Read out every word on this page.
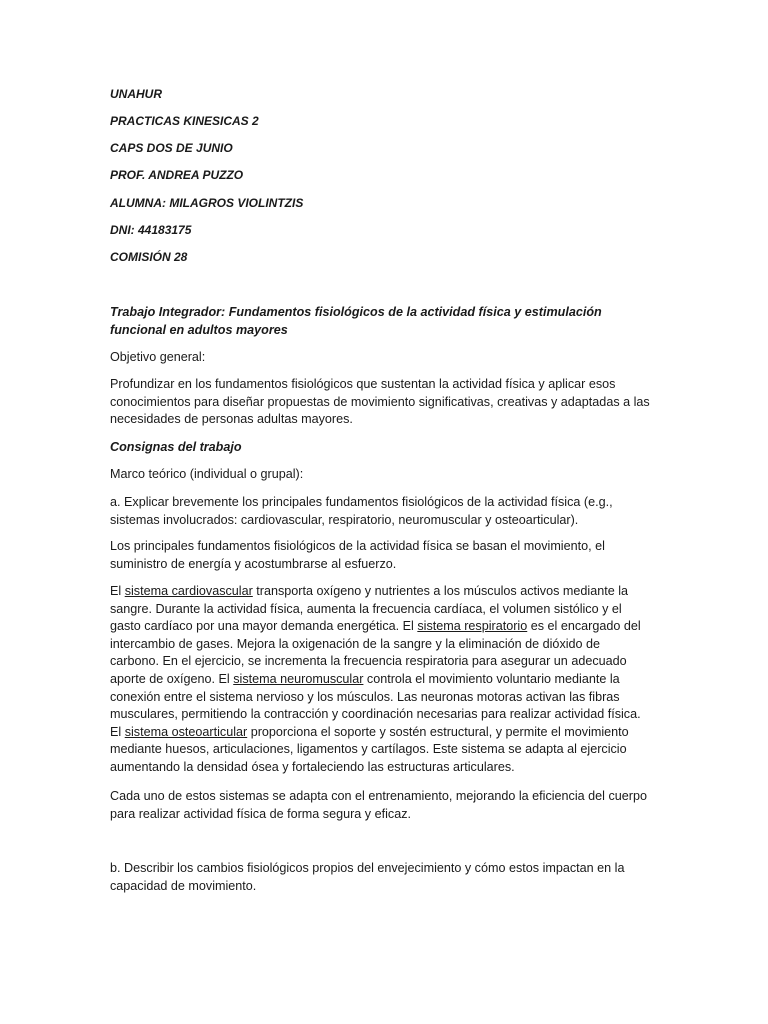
UNAHUR
PRACTICAS KINESICAS 2
CAPS DOS DE JUNIO
PROF. ANDREA PUZZO
ALUMNA: MILAGROS VIOLINTZIS
DNI: 44183175
COMISIÓN 28
Trabajo Integrador: Fundamentos fisiológicos de la actividad física y estimulación funcional en adultos mayores
Objetivo general:
Profundizar en los fundamentos fisiológicos que sustentan la actividad física y aplicar esos conocimientos para diseñar propuestas de movimiento significativas, creativas y adaptadas a las necesidades de personas adultas mayores.
Consignas del trabajo
Marco teórico (individual o grupal):
a. Explicar brevemente los principales fundamentos fisiológicos de la actividad física (e.g., sistemas involucrados: cardiovascular, respiratorio, neuromuscular y osteoarticular).
Los principales fundamentos fisiológicos de la actividad física se basan el movimiento, el suministro de energía y acostumbrarse al esfuerzo.
El sistema cardiovascular transporta oxígeno y nutrientes a los músculos activos mediante la sangre. Durante la actividad física, aumenta la frecuencia cardíaca, el volumen sistólico y el gasto cardíaco por una mayor demanda energética. El sistema respiratorio es el encargado del intercambio de gases. Mejora la oxigenación de la sangre y la eliminación de dióxido de carbono. En el ejercicio, se incrementa la frecuencia respiratoria para asegurar un adecuado aporte de oxígeno. El sistema neuromuscular controla el movimiento voluntario mediante la conexión entre el sistema nervioso y los músculos. Las neuronas motoras activan las fibras musculares, permitiendo la contracción y coordinación necesarias para realizar actividad física. El sistema osteoarticular proporciona el soporte y sostén estructural, y permite el movimiento mediante huesos, articulaciones, ligamentos y cartílagos. Este sistema se adapta al ejercicio aumentando la densidad ósea y fortaleciendo las estructuras articulares.
Cada uno de estos sistemas se adapta con el entrenamiento, mejorando la eficiencia del cuerpo para realizar actividad física de forma segura y eficaz.
b. Describir los cambios fisiológicos propios del envejecimiento y cómo estos impactan en la capacidad de movimiento.
